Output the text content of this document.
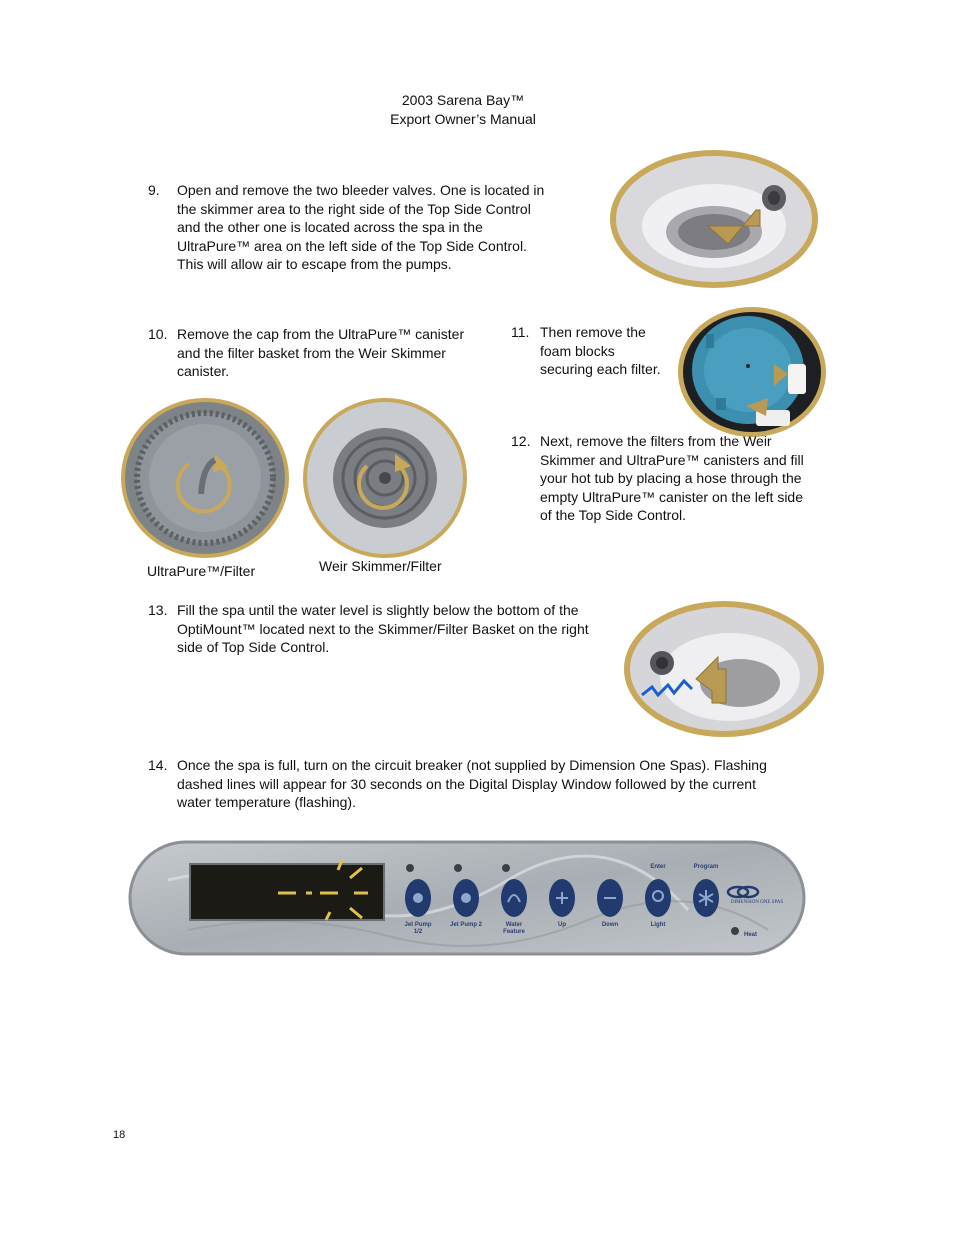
2003 Sarena Bay™
Export Owner’s Manual
9. Open and remove the two bleeder valves. One is located in the skimmer area to the right side of the Top Side Control and the other one is located across the spa in the UltraPure™ area on the left side of the Top Side Control. This will allow air to escape from the pumps.

10. Remove the cap from the UltraPure™ canister and the filter basket from the Weir Skimmer canister.

11. Then remove the foam blocks securing each filter.

UltraPure™/Filter	Weir Skimmer/Filter
12. Next, remove the filters from the Weir Skimmer and UltraPure™ canisters and fill your hot tub by placing a hose through the empty UltraPure™ canister on the left side of the Top Side Control.

13. Fill the spa until the water level is slightly below the bottom of the OptiMount™ located next to the Skimmer/Filter Basket on the right side of Top Side Control.

14. Once the spa is full, turn on the circuit breaker (not supplied by Dimension One Spas). Flashing dashed lines will appear for 30 seconds on the Digital Display Window followed by the current water temperature (flashing).

Jet Pump 1/2
Jet Pump 2	Water Feature
Up	Down	Light
Enter	Program
DIMENSION ONE SPAS
Heat
18
